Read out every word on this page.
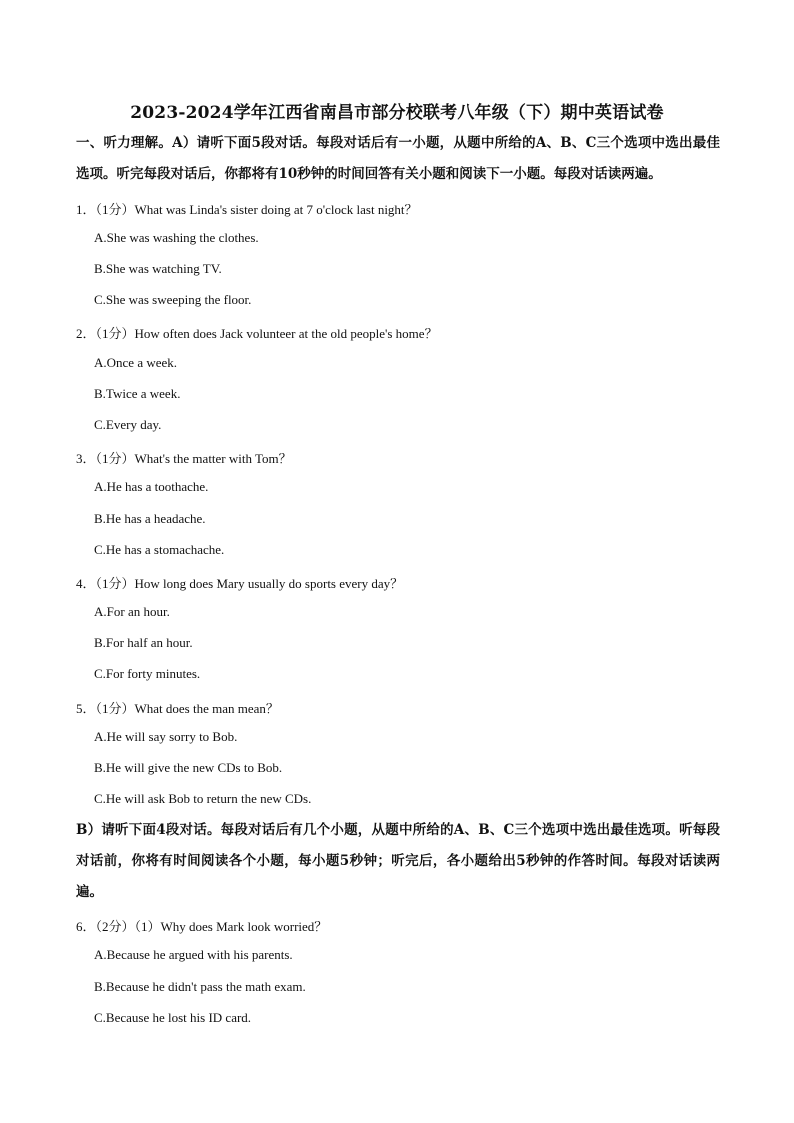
2023-2024学年江西省南昌市部分校联考八年级（下）期中英语试卷
一、听力理解。A）请听下面5段对话。每段对话后有一小题，从题中所给的A、B、C三个选项中选出最佳选项。听完每段对话后，你都将有10秒钟的时间回答有关小题和阅读下一小题。每段对话读两遍。
1．（1分）What was Linda's sister doing at 7 o'clock last night？
A.She was washing the clothes.
B.She was watching TV.
C.She was sweeping the floor.
2．（1分）How often does Jack volunteer at the old people's home？
A.Once a week.
B.Twice a week.
C.Every day.
3．（1分）What's the matter with Tom？
A.He has a toothache.
B.He has a headache.
C.He has a stomachache.
4．（1分）How long does Mary usually do sports every day？
A.For an hour.
B.For half an hour.
C.For forty minutes.
5．（1分）What does the man mean？
A.He will say sorry to Bob.
B.He will give the new CDs to Bob.
C.He will ask Bob to return the new CDs.
B）请听下面4段对话。每段对话后有几个小题，从题中所给的A、B、C三个选项中选出最佳选项。听每段对话前，你将有时间阅读各个小题，每小题5秒钟；听完后，各小题给出5秒钟的作答时间。每段对话读两遍。
6．（2分）（1）Why does Mark look worried？
A.Because he argued with his parents.
B.Because he didn't pass the math exam.
C.Because he lost his ID card.
